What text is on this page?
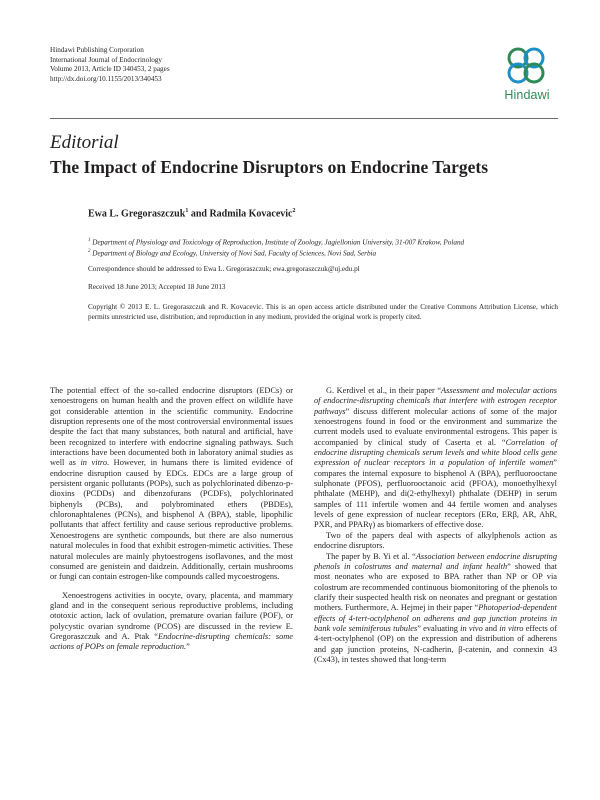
Hindawi Publishing Corporation
International Journal of Endocrinology
Volume 2013, Article ID 340453, 2 pages
http://dx.doi.org/10.1155/2013/340453
Hindawi
Editorial
The Impact of Endocrine Disruptors on Endocrine Targets
Ewa L. Gregoraszczuk$^1$ and Radmila Kovacevic$^2$
$^1$ Department of Physiology and Toxicology of Reproduction, Institute of Zoology, Jagiellonian University, 31-007 Krakow, Poland
$^2$ Department of Biology and Ecology, University of Novi Sad, Faculty of Sciences, Novi Sad, Serbia
Correspondence should be addressed to Ewa L. Gregoraszczuk; ewa.gregoraszczuk@uj.edu.pl
Received 18 June 2013; Accepted 18 June 2013
Copyright © 2013 E. L. Gregoraszczuk and R. Kovacevic. This is an open access article distributed under the Creative Commons Attribution License, which permits unrestricted use, distribution, and reproduction in any medium, provided the original work is properly cited.

The potential effect of the so-called endocrine disruptors (EDCs) or xenoestrogens on human health and the proven effect on wildlife have got considerable attention in the scientific community. Endocrine disruption represents one of the most controversial environmental issues despite the fact that many substances, both natural and artificial, have been recognized to interfere with endocrine signaling pathways. Such interactions have been documented both in laboratory animal studies as well as in vitro. However, in humans there is limited evidence of endocrine disruption caused by EDCs. EDCs are a large group of persistent organic pollutants (POPs), such as polychlorinated dibenzo-p-dioxins (PCDDs) and dibenzofurans (PCDFs), polychlorinated biphenyls (PCBs), and polybrominated ethers (PBDEs), chloronaphtalenes (PCNs), and bisphenol A (BPA), stable, lipophilic pollutants that affect fertility and cause serious reproductive problems. Xenoestrogens are synthetic compounds, but there are also numerous natural molecules in food that exhibit estrogen-mimetic activities. These natural molecules are mainly phytoestrogens isoflavones, and the most consumed are genistein and daidzein. Additionally, certain mushrooms or fungi can contain estrogen-like compounds called mycoestrogens.

Xenoestrogens activities in oocyte, ovary, placenta, and mammary gland and in the consequent serious reproductive problems, including ototoxic action, lack of ovulation, premature ovarian failure (POF), or polycystic ovarian syndrome (PCOS) are discussed in the review E. Gregoraszczuk and A. Ptak “Endocrine-disrupting chemicals: some actions of POPs on female reproduction.”

G. Kerdivel et al., in their paper “Assessment and molecular actions of endocrine-disrupting chemicals that interfere with estrogen receptor pathways” discuss different molecular actions of some of the major xenoestrogens found in food or the environment and summarize the current models used to evaluate environmental estrogens. This paper is accompanied by clinical study of Caserta et al. “Correlation of endocrine disrupting chemicals serum levels and white blood cells gene expression of nuclear receptors in a population of infertile women” compares the internal exposure to bisphenol A (BPA), perfluorooctane sulphonate (PFOS), perfluorooctanoic acid (PFOA), monoethylhexyl phthalate (MEHP), and di(2-ethylhexyl) phthalate (DEHP) in serum samples of 111 infertile women and 44 fertile women and analyses levels of gene expression of nuclear receptors (ERα, ERβ, AR, AhR, PXR, and PPARγ) as biomarkers of effective dose.

Two of the papers deal with aspects of alkylphenols action as endocrine disruptors.

The paper by B. Yi et al. “Association between endocrine disrupting phenols in colostrums and maternal and infant health” showed that most neonates who are exposed to BPA rather than NP or OP via colostrum are recommended continuous biomonitoring of the phenols to clarify their suspected health risk on neonates and pregnant or gestation mothers. Furthermore, A. Hejmej in their paper “Photoperiod-dependent effects of 4-tert-octylphenol on adherens and gap junction proteins in bank vole seminiferous tubules” evaluating in vivo and in vitro effects of 4-tert-octylphenol (OP) on the expression and distribution of adherens and gap junction proteins, N-cadherin, β-catenin, and connexin 43 (Cx43), in testes showed that long-term
